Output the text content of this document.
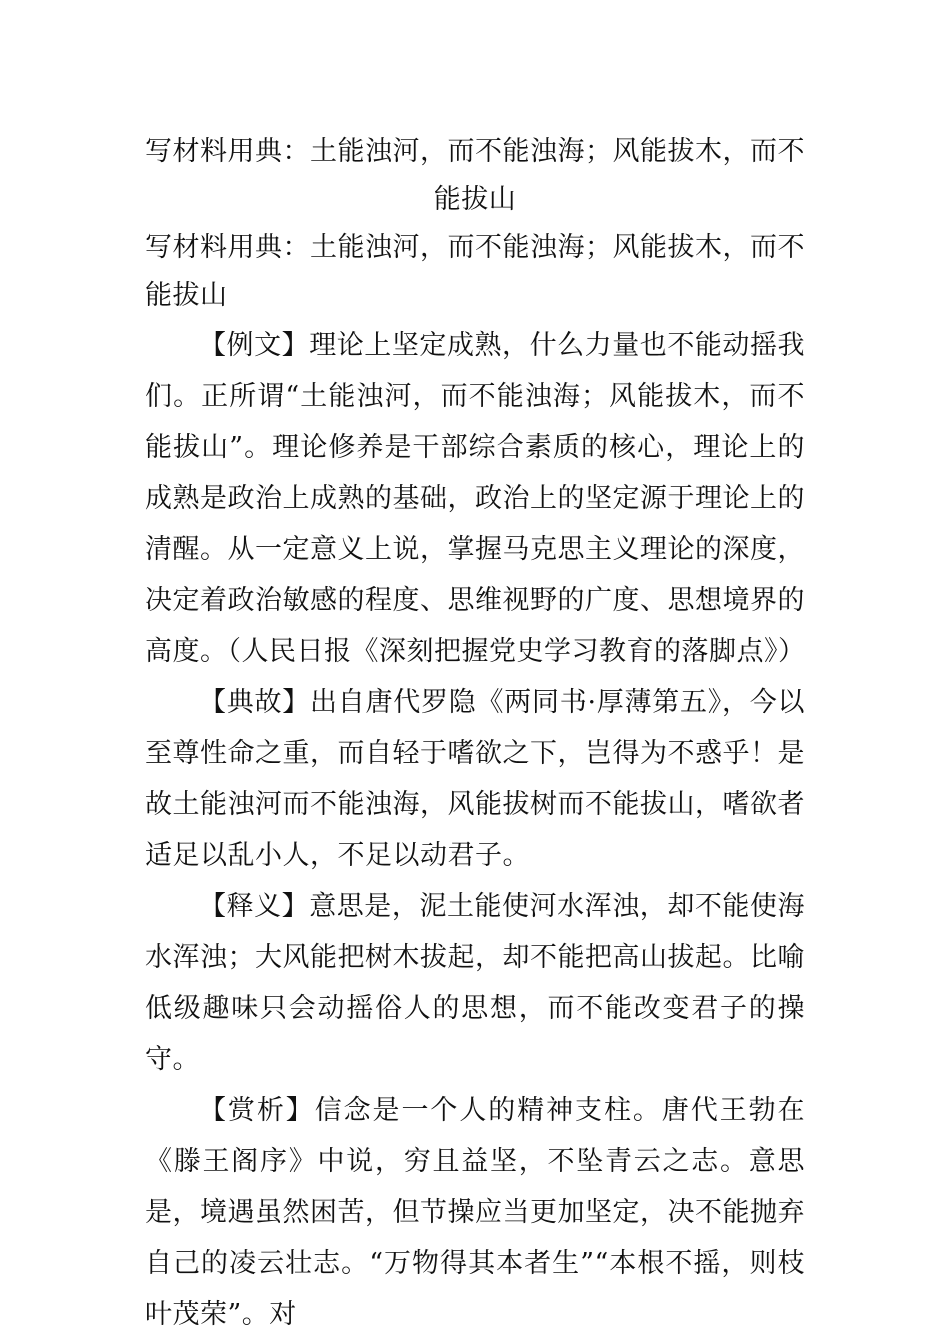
写材料用典：土能浊河，而不能浊海；风能拔木，而不能拔山

写材料用典：土能浊河，而不能浊海；风能拔木，而不能拔山

【例文】理论上坚定成熟，什么力量也不能动摇我们。正所谓“土能浊河，而不能浊海；风能拔木，而不能拔山”。理论修养是干部综合素质的核心，理论上的成熟是政治上成熟的基础，政治上的坚定源于理论上的清醒。从一定意义上说，掌握马克思主义理论的深度，决定着政治敏感的程度、思维视野的广度、思想境界的高度。（人民日报《深刻把握党史学习教育的落脚点》）

【典故】出自唐代罗隐《两同书·厚薄第五》，今以至尊性命之重，而自轻于嗜欲之下，岂得为不惑乎！是故土能浊河而不能浊海，风能拔树而不能拔山，嗜欲者适足以乱小人，不足以动君子。

【释义】意思是，泥土能使河水浑浊，却不能使海水浑浊；大风能把树木拔起，却不能把高山拔起。比喻低级趣味只会动摇俗人的思想，而不能改变君子的操守。

【赏析】信念是一个人的精神支柱。唐代王勃在《滕王阁序》中说，穷且益坚，不坠青云之志。意思是，境遇虽然困苦，但节操应当更加坚定，决不能抛弃自己的凌云壮志。“万物得其本者生”“本根不摇，则枝叶茂荣”。对
